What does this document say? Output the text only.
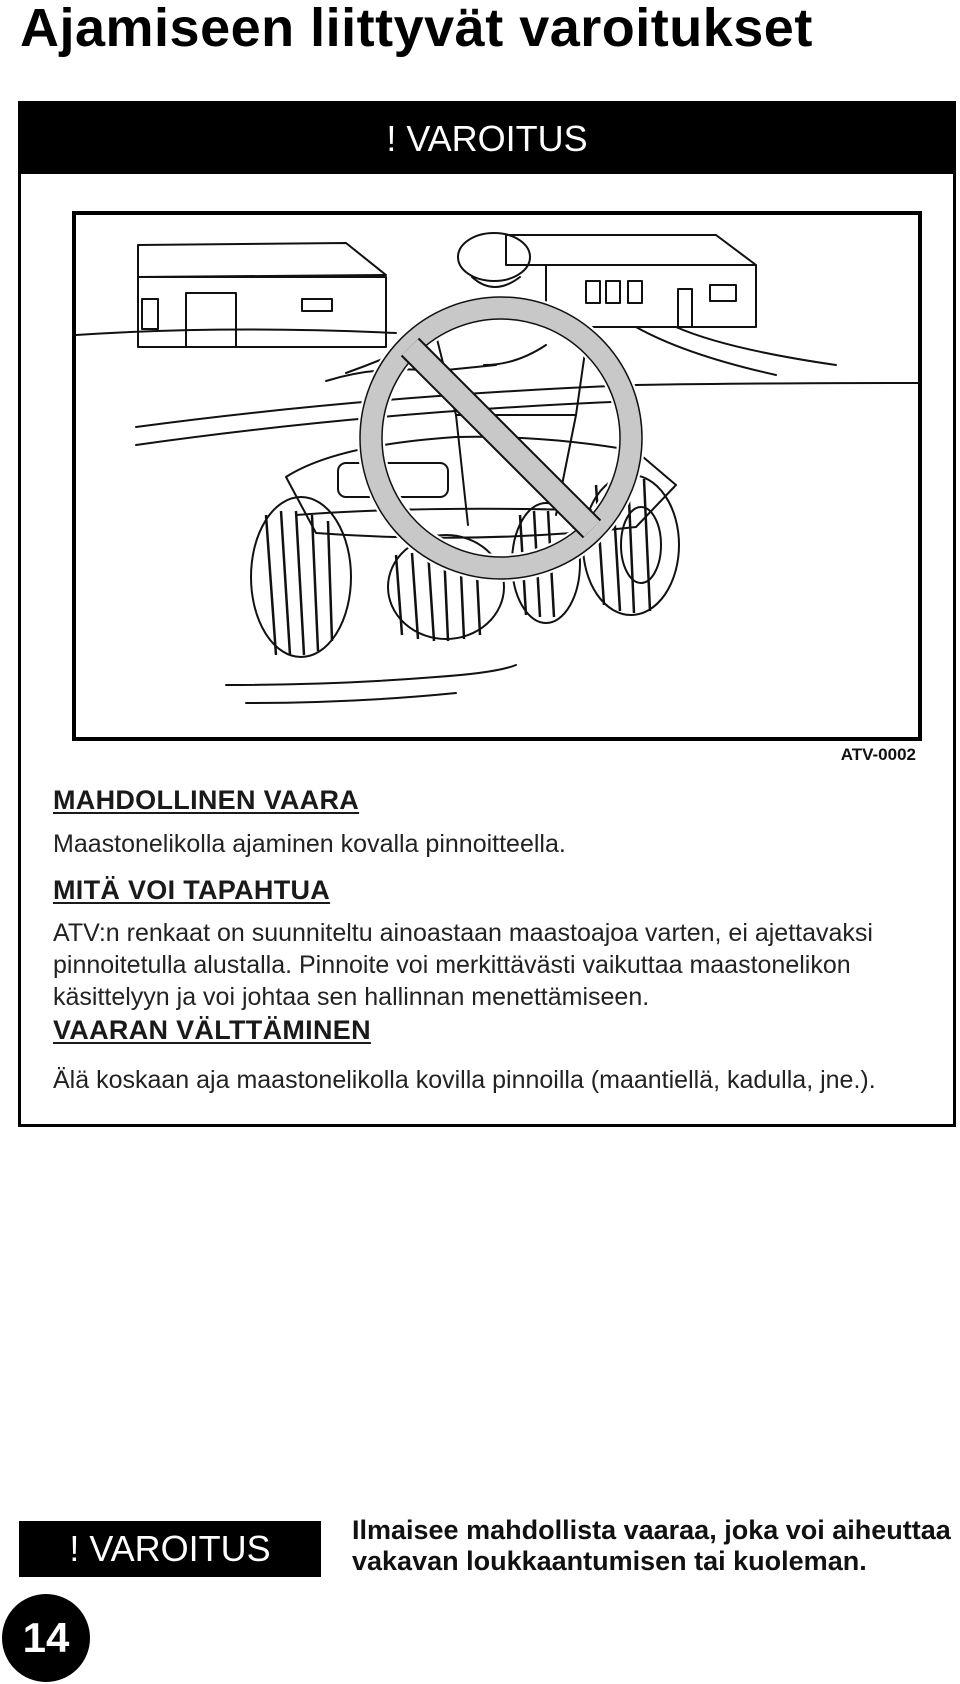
Ajamiseen liittyvät varoitukset
! VAROITUS
ATV-0002
MAHDOLLINEN VAARA

Maastonelikolla ajaminen kovalla pinnoitteella.

MITÄ VOI TAPAHTUA

ATV:n renkaat on suunniteltu ainoastaan maastoajoa varten, ei ajettavaksi pinnoitetulla alustalla. Pinnoite voi merkittävästi vaikuttaa maastonelikon käsittelyyn ja voi johtaa sen hallinnan menettämiseen.

VAARAN VÄLTTÄMINEN

Älä koskaan aja maastonelikolla kovilla pinnoilla (maantiellä, kadulla, jne.).

! VAROITUS	Ilmaisee mahdollista vaaraa, joka voi aiheuttaa vakavan loukkaantumisen tai kuoleman.

14
